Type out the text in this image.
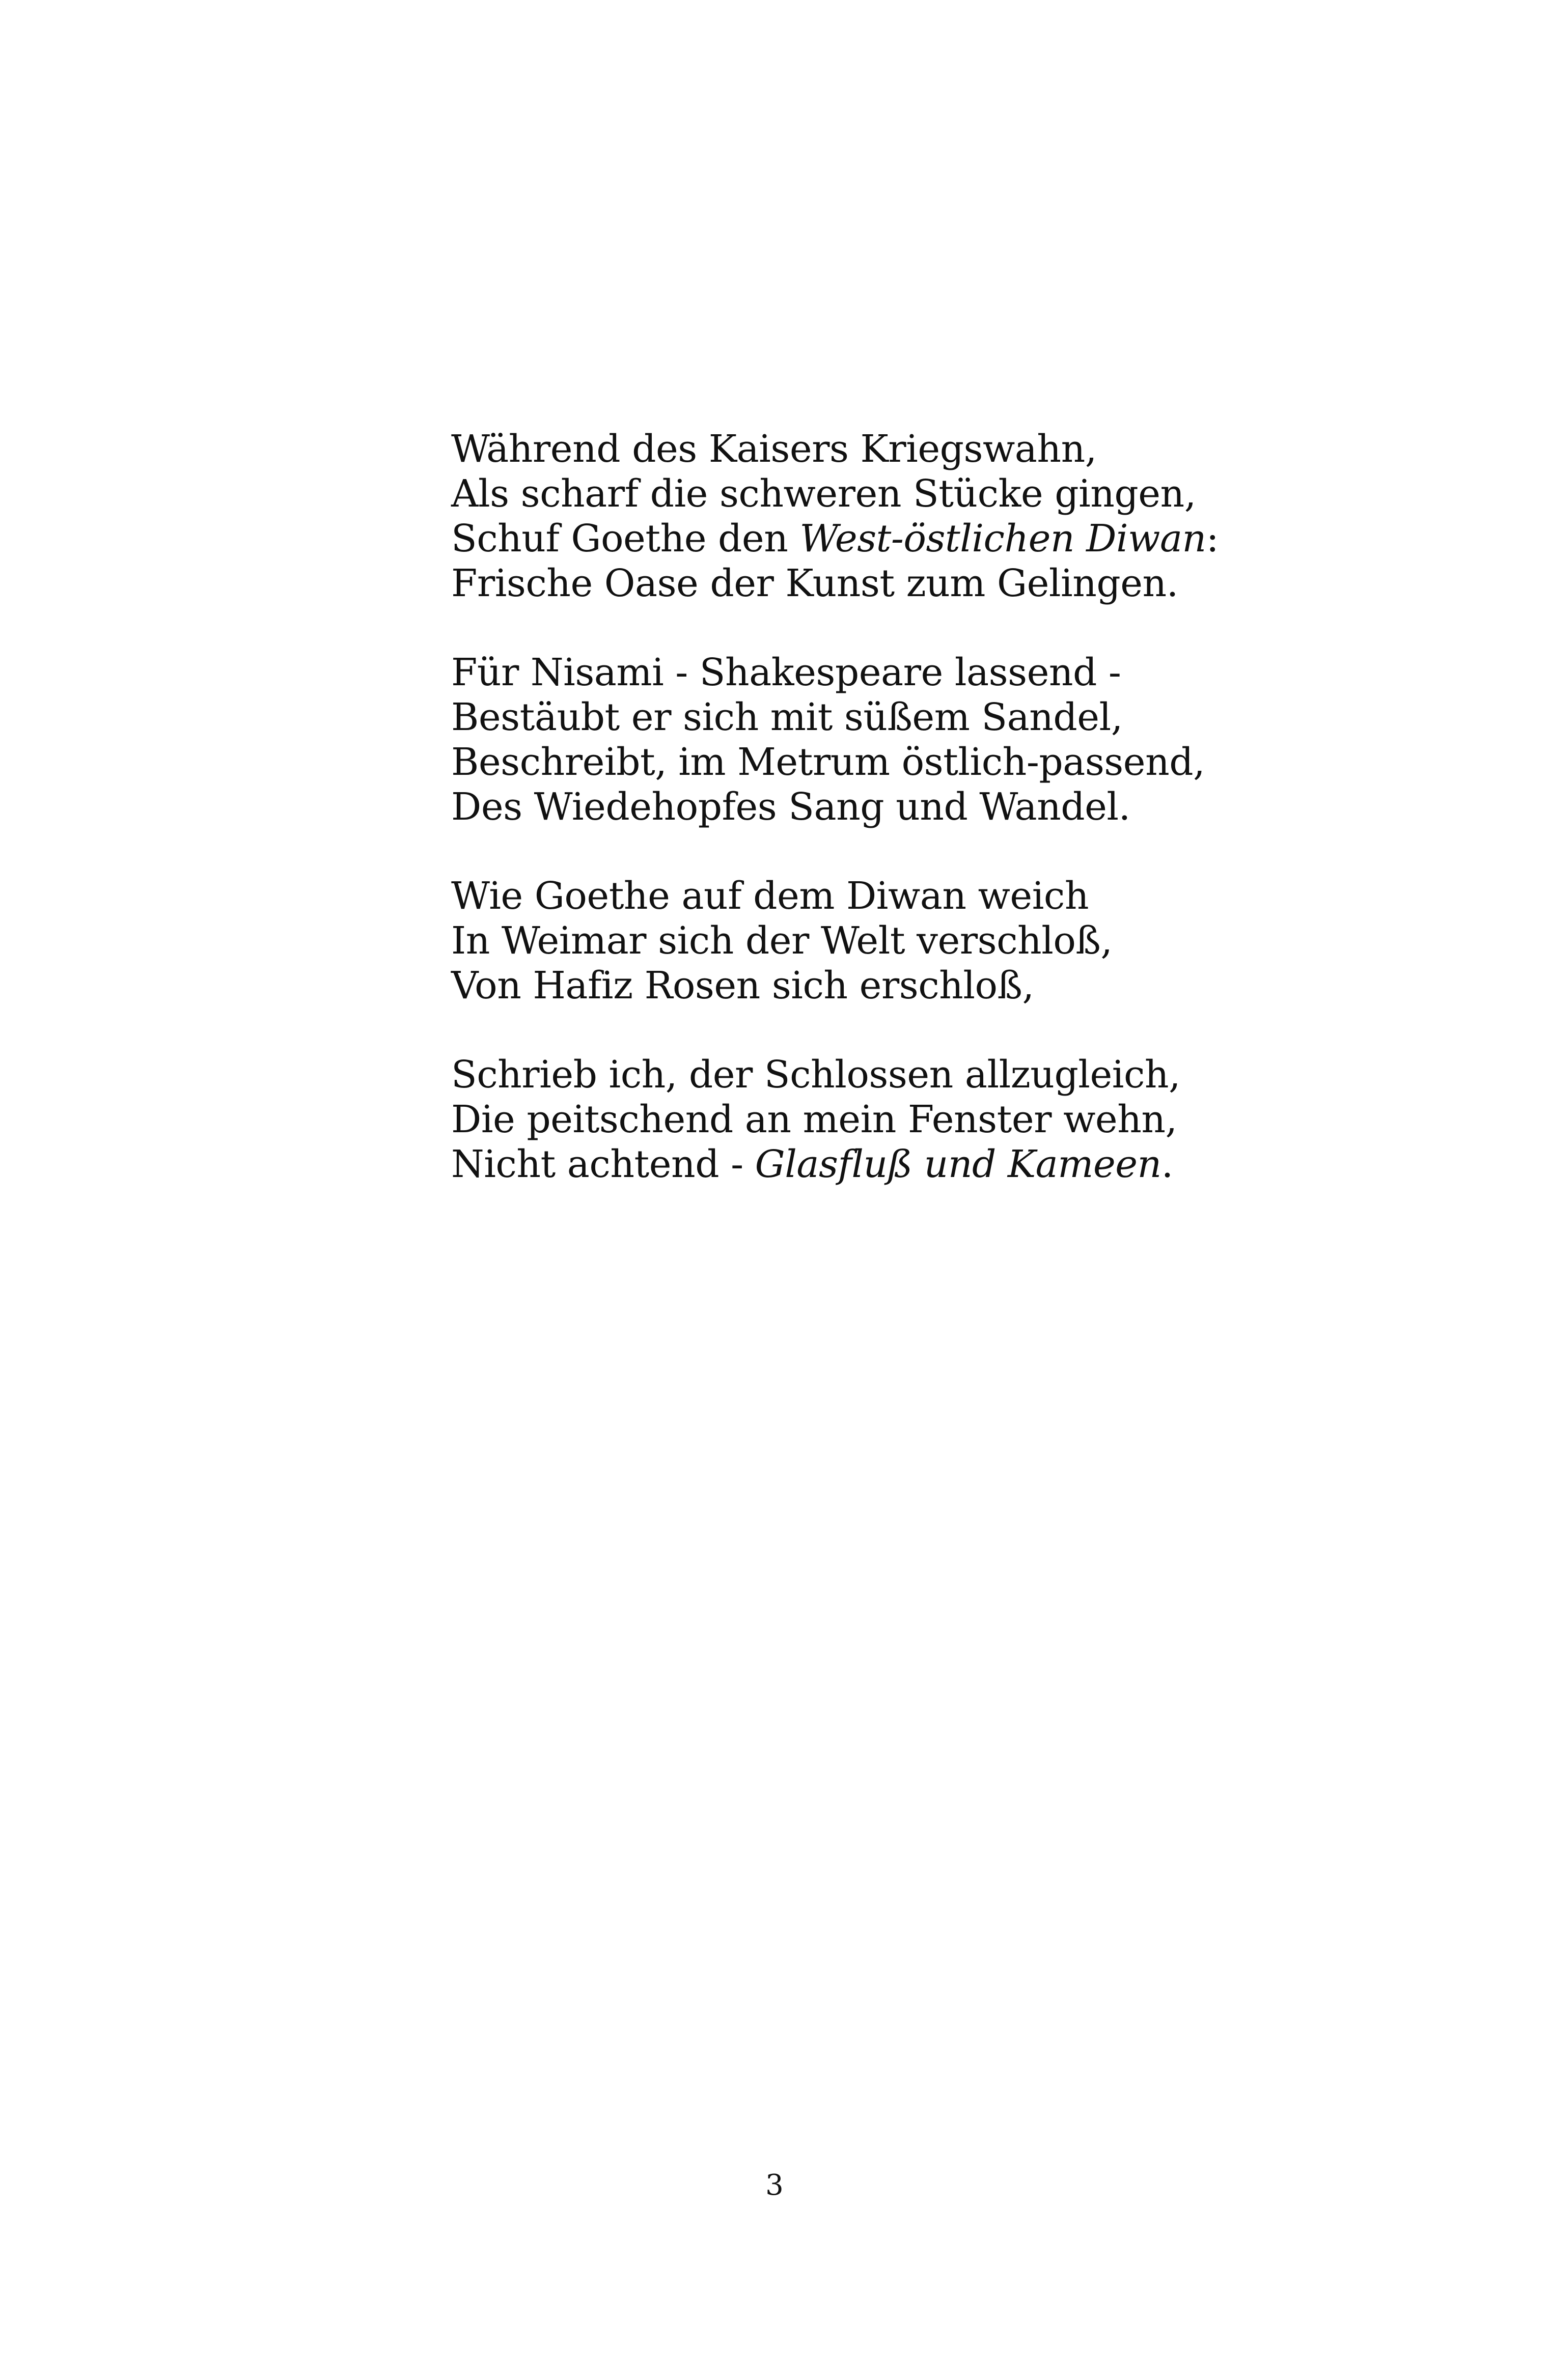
Während des Kaisers Kriegswahn,
Als scharf die schweren Stücke gingen,
Schuf Goethe den West-östlichen Diwan:
Frische Oase der Kunst zum Gelingen.
Für Nisami - Shakespeare lassend -
Bestäubt er sich mit süßem Sandel,
Beschreibt, im Metrum östlich-passend,
Des Wiedehopfes Sang und Wandel.
Wie Goethe auf dem Diwan weich
In Weimar sich der Welt verschloß,
Von Hafiz Rosen sich erschloß,
Schrieb ich, der Schlossen allzugleich,
Die peitschend an mein Fenster wehn,
Nicht achtend - Glasfluß und Kameen.
3
